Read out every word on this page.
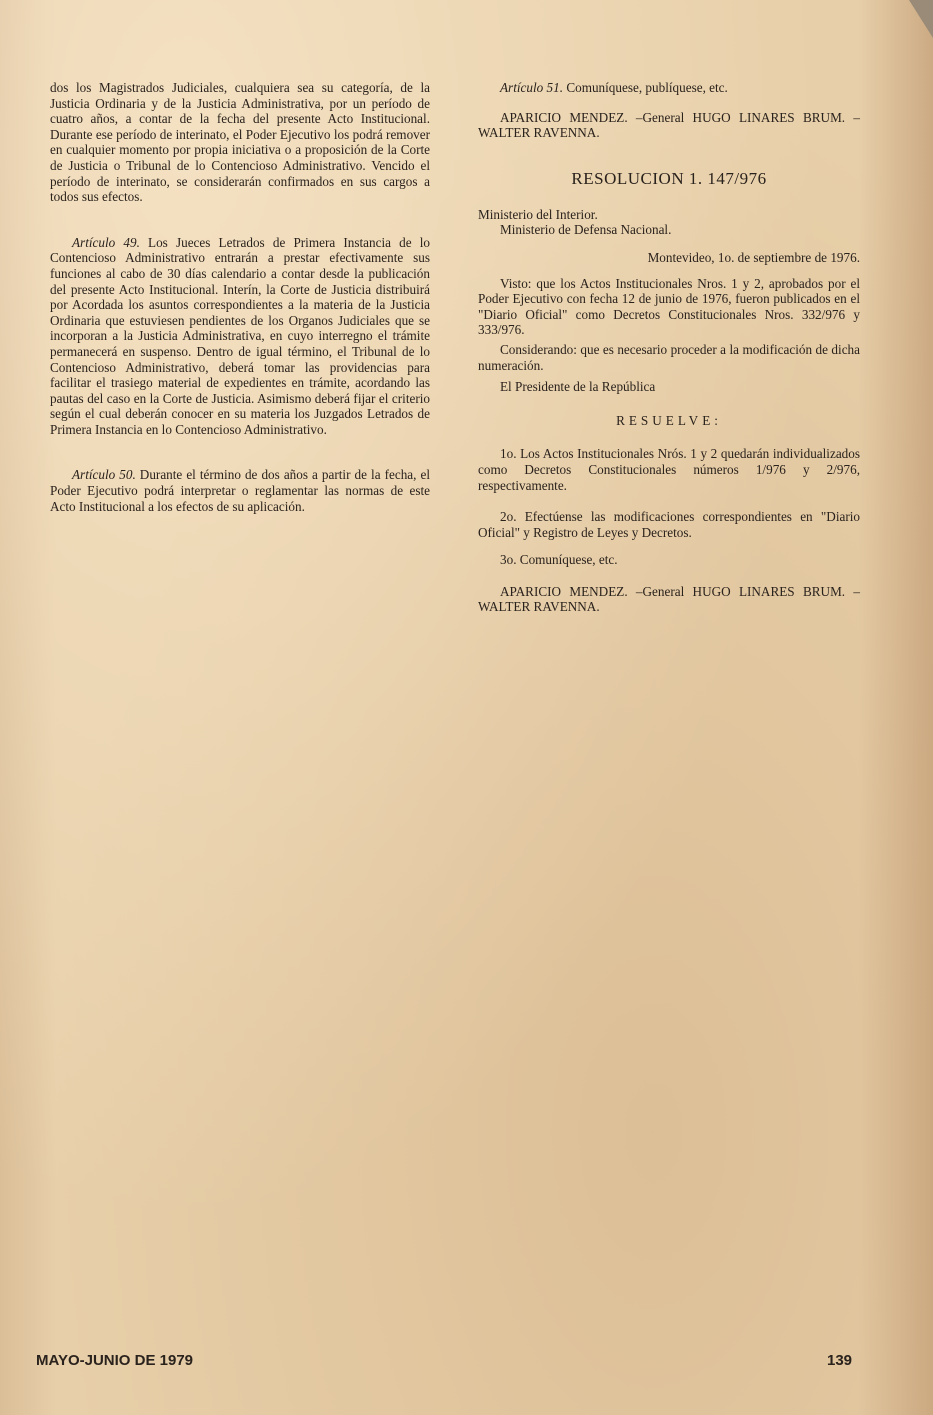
dos los Magistrados Judiciales, cualquiera sea su categoría, de la Justicia Ordinaria y de la Justicia Administrativa, por un período de cuatro años, a contar de la fecha del presente Acto Institucional. Durante ese período de interinato, el Poder Ejecutivo los podrá remover en cualquier momento por propia iniciativa o a proposición de la Corte de Justicia o Tribunal de lo Contencioso Administrativo. Vencido el período de interinato, se considerarán confirmados en sus cargos a todos sus efectos.

Artículo 49. Los Jueces Letrados de Primera Instancia de lo Contencioso Administrativo entrarán a prestar efectivamente sus funciones al cabo de 30 días calendario a contar desde la publicación del presente Acto Institucional. Interín, la Corte de Justicia distribuirá por Acordada los asuntos correspondientes a la materia de la Justicia Ordinaria que estuviesen pendientes de los Organos Judiciales que se incorporan a la Justicia Administrativa, en cuyo interregno el trámite permanecerá en suspenso. Dentro de igual término, el Tribunal de lo Contencioso Administrativo, deberá tomar las providencias para facilitar el trasiego material de expedientes en trámite, acordando las pautas del caso en la Corte de Justicia. Asimismo deberá fijar el criterio según el cual deberán conocer en su materia los Juzgados Letrados de Primera Instancia en lo Contencioso Administrativo.

Artículo 50. Durante el término de dos años a partir de la fecha, el Poder Ejecutivo podrá interpretar o reglamentar las normas de este Acto Institucional a los efectos de su aplicación.

Artículo 51. Comuníquese, publíquese, etc.

APARICIO MENDEZ. –General HUGO LINARES BRUM. – WALTER RAVENNA.

RESOLUCION 1. 147/976

Ministerio del Interior.

Ministerio de Defensa Nacional.

Montevideo, 1o. de septiembre de 1976.

Visto: que los Actos Institucionales Nros. 1 y 2, aprobados por el Poder Ejecutivo con fecha 12 de junio de 1976, fueron publicados en el "Diario Oficial" como Decretos Constitucionales Nros. 332/976 y 333/976.

Considerando: que es necesario proceder a la modificación de dicha numeración.

El Presidente de la República

RESUELVE:

1o. Los Actos Institucionales Nrós. 1 y 2 quedarán individualizados como Decretos Constitucionales números 1/976 y 2/976, respectivamente.

2o. Efectúense las modificaciones correspondientes en "Diario Oficial" y Registro de Leyes y Decretos.

3o. Comuníquese, etc.

APARICIO MENDEZ. –General HUGO LINARES BRUM. – WALTER RAVENNA.

MAYO-JUNIO DE 1979	139
